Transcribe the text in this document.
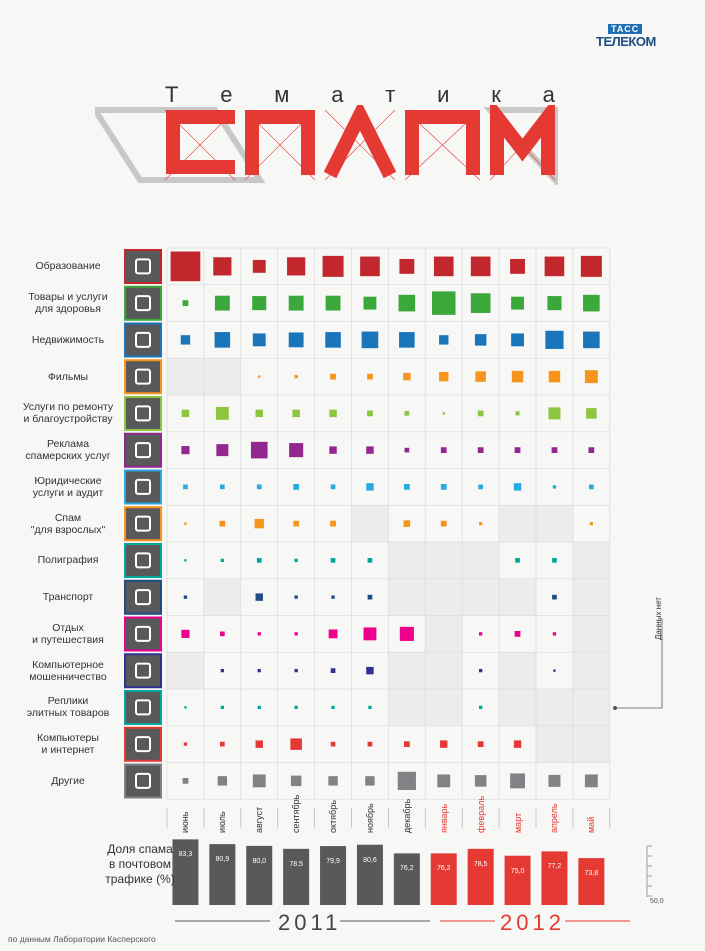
ТАСС
ТЕЛЕКОМ
Т е м а т и к а
Доля спама
в почтовом
трафике (%)
50,0
2011	2012
Данных нет
по данным Лаборатории Касперского
Образование
Товары и услуги
для здоровья
Недвижимость
Фильмы
Услуги по ремонту
и благоустройству
Реклама
спамерских услуг
Юридические
услуги и аудит
Спам
"для взрослых"
Полиграфия
Транспорт
Отдых
и путешествия
Компьютерное
мошенничество
Реплики
элитных товаров
Компьютеры
и интернет
Другие
июнь
83,3
июль
80,9
август
80,0
сентябрь
78,5
октябрь
79,9
ноябрь
80,6
декабрь
76,2
январь
76,2
февраль
78,5
март
75,0
апрель
77,2
май
73,8
